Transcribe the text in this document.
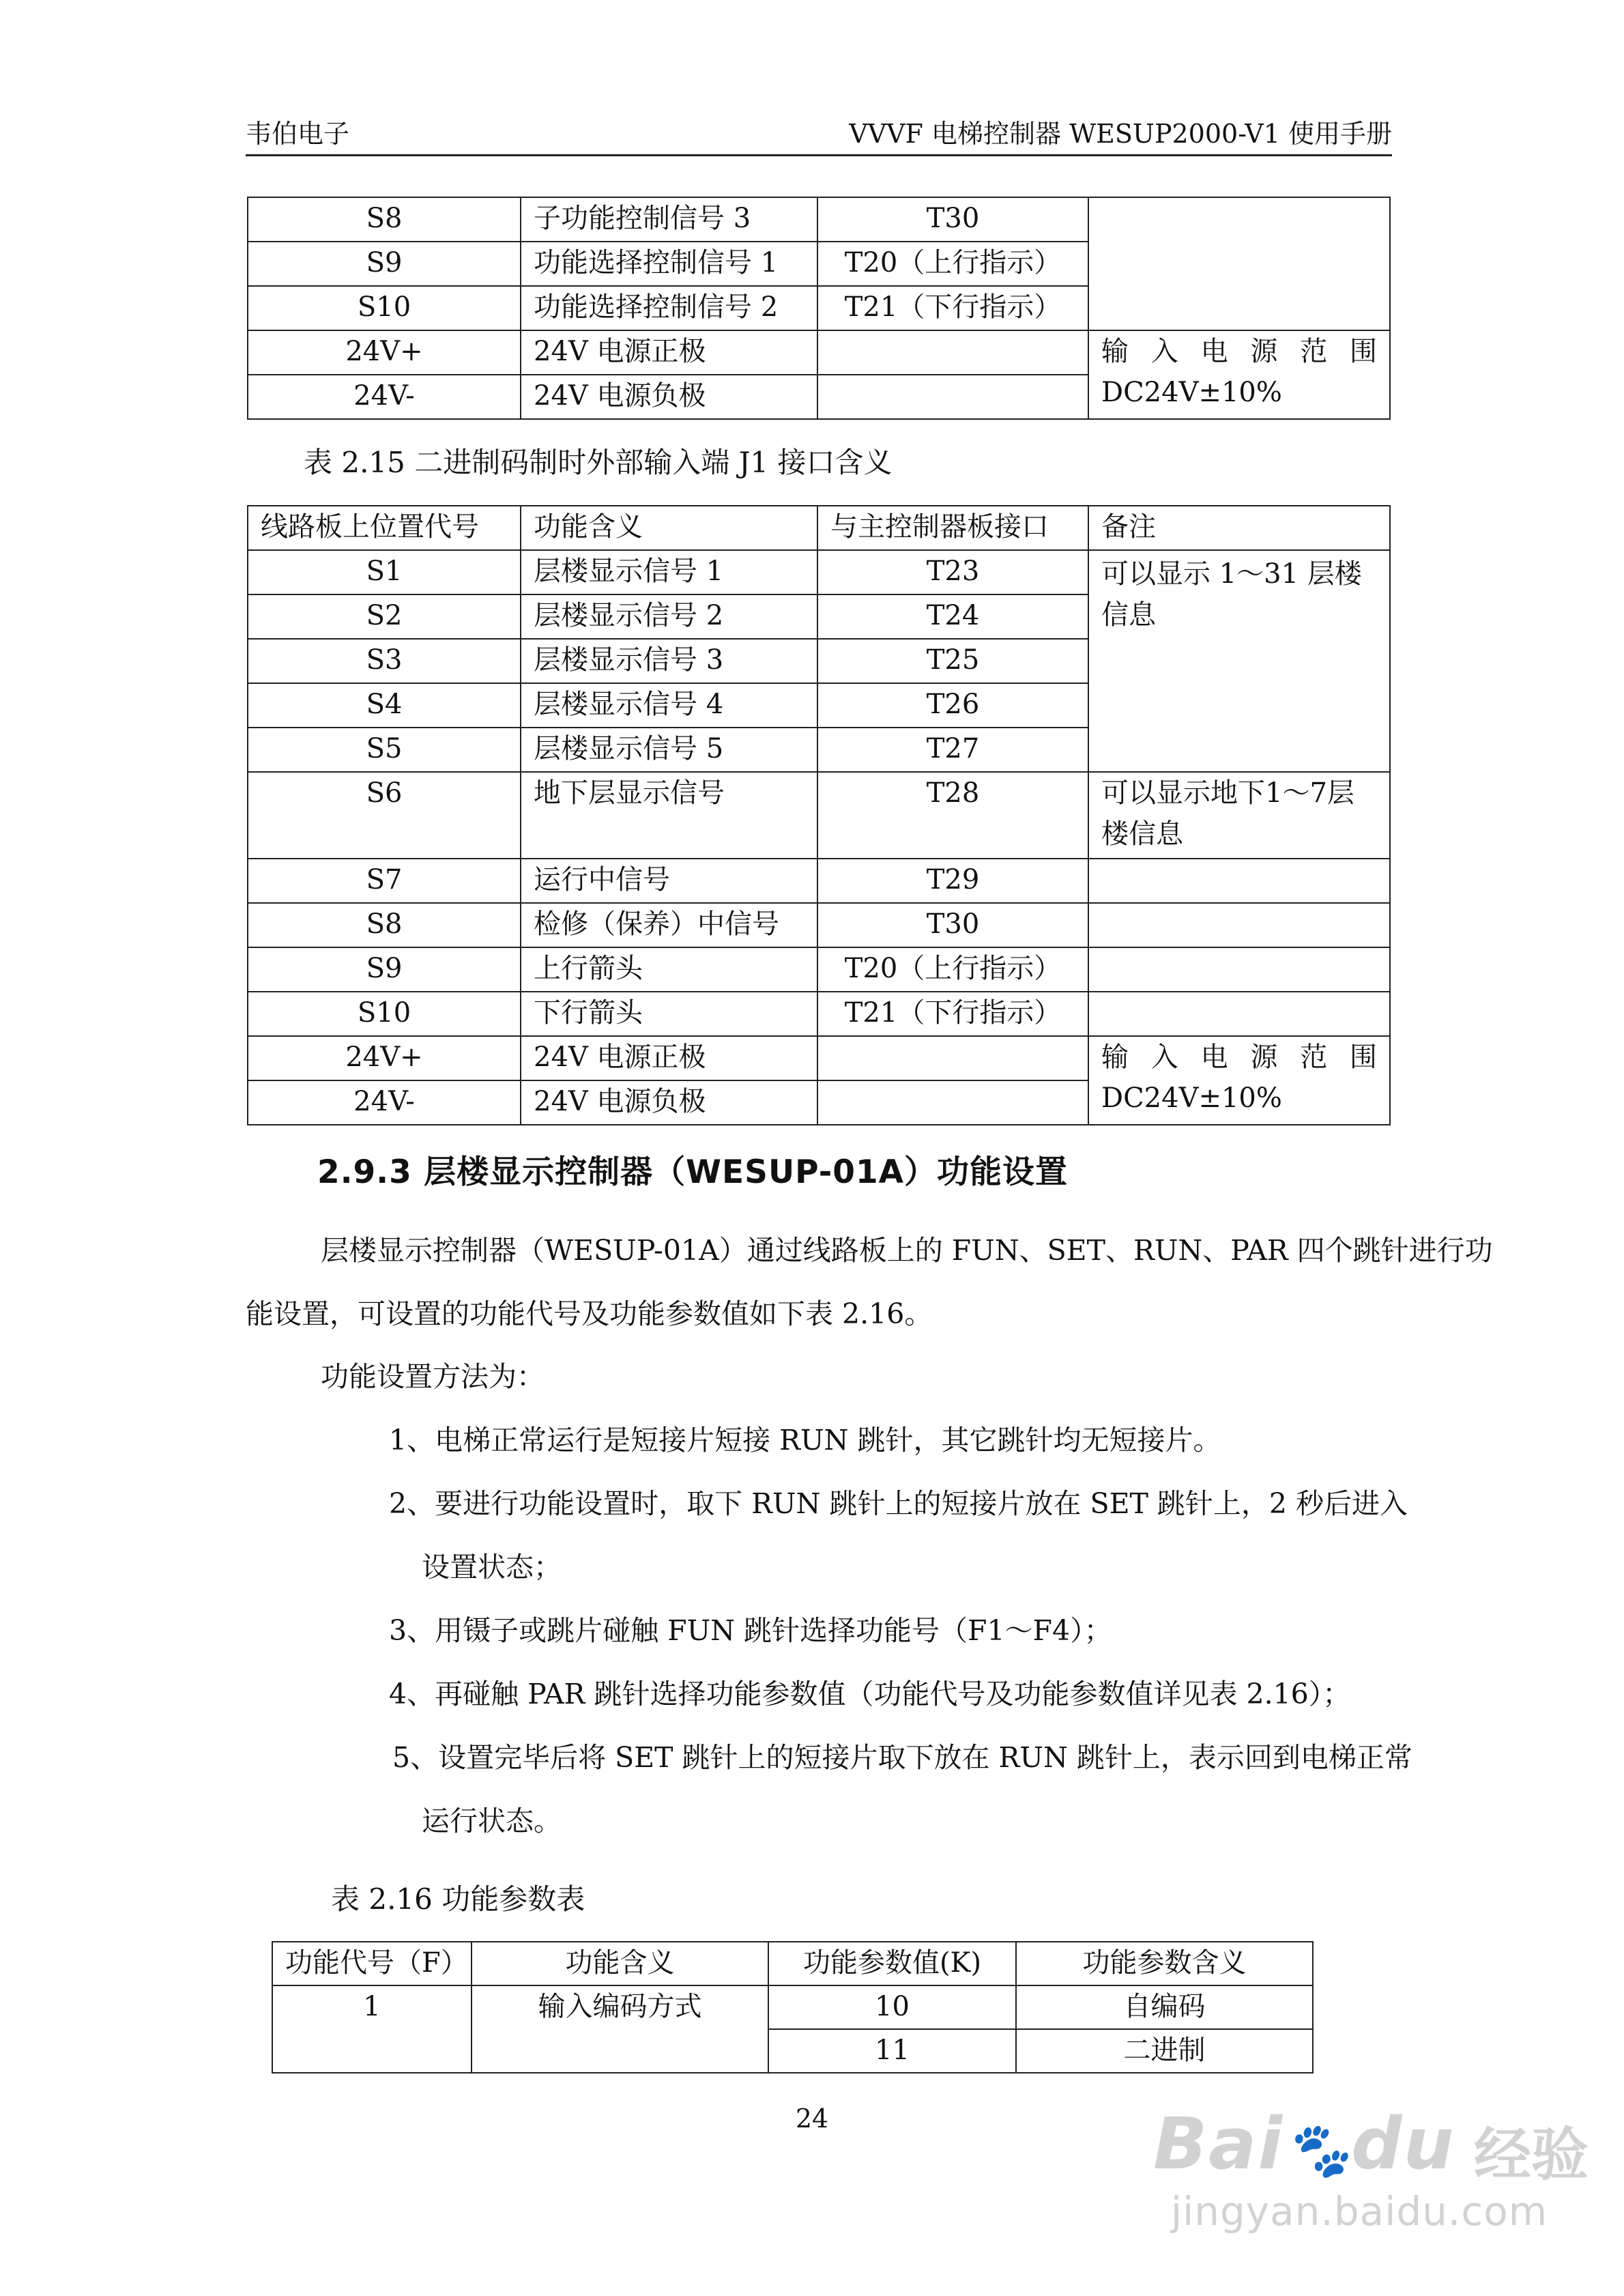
韦伯电子	VVVF 电梯控制器 WESUP2000-V1 使用手册
S8	子功能控制信号 3	T30	
S9	功能选择控制信号 1	T20（上行指示）	
S10	功能选择控制信号 2	T21（下行指示）	
24V+	24V 电源正极		输 入 电 源 范 围
DC24V±10%

24V-	24V 电源负极		
表 2.15 二进制码制时外部输入端 J1 接口含义
线路板上位置代号	功能含义	与主控制器板接口	备注
S1	层楼显示信号 1	T23	可以显示 1～31 层楼
信息

S2	层楼显示信号 2	T24	
S3	层楼显示信号 3	T25	
S4	层楼显示信号 4	T26	
S5	层楼显示信号 5	T27	
S6	地下层显示信号	T28	可以显示地下1～7层
楼信息

S7	运行中信号	T29	
S8	检修（保养）中信号	T30	
S9	上行箭头	T20（上行指示）	
S10	下行箭头	T21（下行指示）	
24V+	24V 电源正极		输 入 电 源 范 围
DC24V±10%

24V-	24V 电源负极		
2.9.3 层楼显示控制器（WESUP-01A）功能设置
层楼显示控制器（WESUP-01A）通过线路板上的 FUN、SET、RUN、PAR 四个跳针进行功
能设置，可设置的功能代号及功能参数值如下表 2.16。
功能设置方法为：
1、电梯正常运行是短接片短接 RUN 跳针，其它跳针均无短接片。
2、要进行功能设置时，取下 RUN 跳针上的短接片放在 SET 跳针上，2 秒后进入
设置状态；
3、用镊子或跳片碰触 FUN 跳针选择功能号（F1～F4）；
4、再碰触 PAR 跳针选择功能参数值（功能代号及功能参数值详见表 2.16）；
5、设置完毕后将 SET 跳针上的短接片取下放在 RUN 跳针上，表示回到电梯正常
运行状态。
表 2.16 功能参数表
功能代号（F）	功能含义	功能参数值(K)	功能参数含义
1	输入编码方式	10	自编码
		11	二进制
24	Bai🐾du 经验
jingyan.baidu.com
